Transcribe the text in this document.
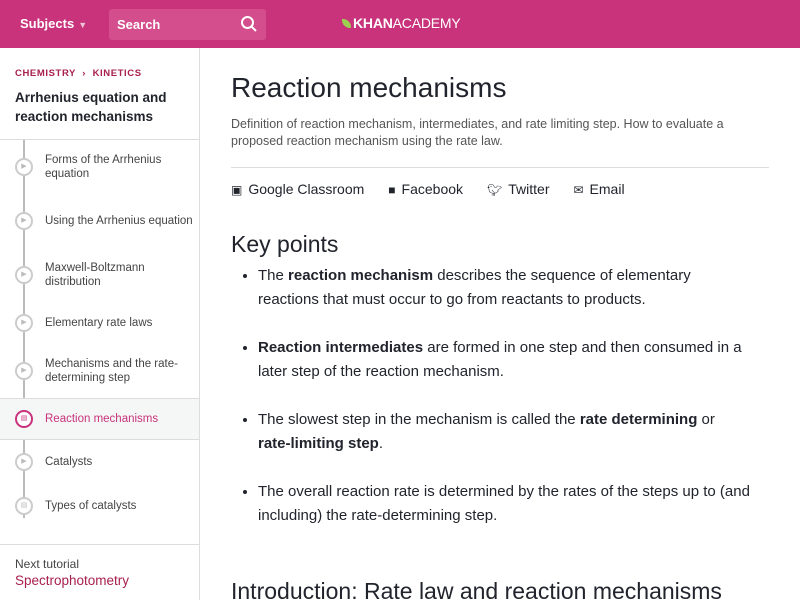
Subjects ▼	Search	KHANACADEMY
CHEMISTRY  ›  KINETICS
Arrhenius equation and reaction mechanisms
▶
Forms of the Arrhenius equation
▶	Using the Arrhenius equation
▶
Maxwell-Boltzmann distribution
▶	Elementary rate laws
▶
Mechanisms and the rate-determining step
▤	Reaction mechanisms
▶	Catalysts
▤	Types of catalysts
Next tutorial
Spectrophotometry
Reaction mechanisms
Definition of reaction mechanism, intermediates, and rate limiting step. How to evaluate a proposed reaction mechanism using the rate law.
▣ Google Classroom ■ Facebook 🐦︎ Twitter ✉ Email
Key points
• The reaction mechanism describes the sequence of elementary reactions that must occur to go from reactants to products.
• Reaction intermediates are formed in one step and then consumed in a later step of the reaction mechanism.
• The slowest step in the mechanism is called the rate determining or rate-limiting step.
• The overall reaction rate is determined by the rates of the steps up to (and including) the rate-determining step.
Introduction: Rate law and reaction mechanisms
